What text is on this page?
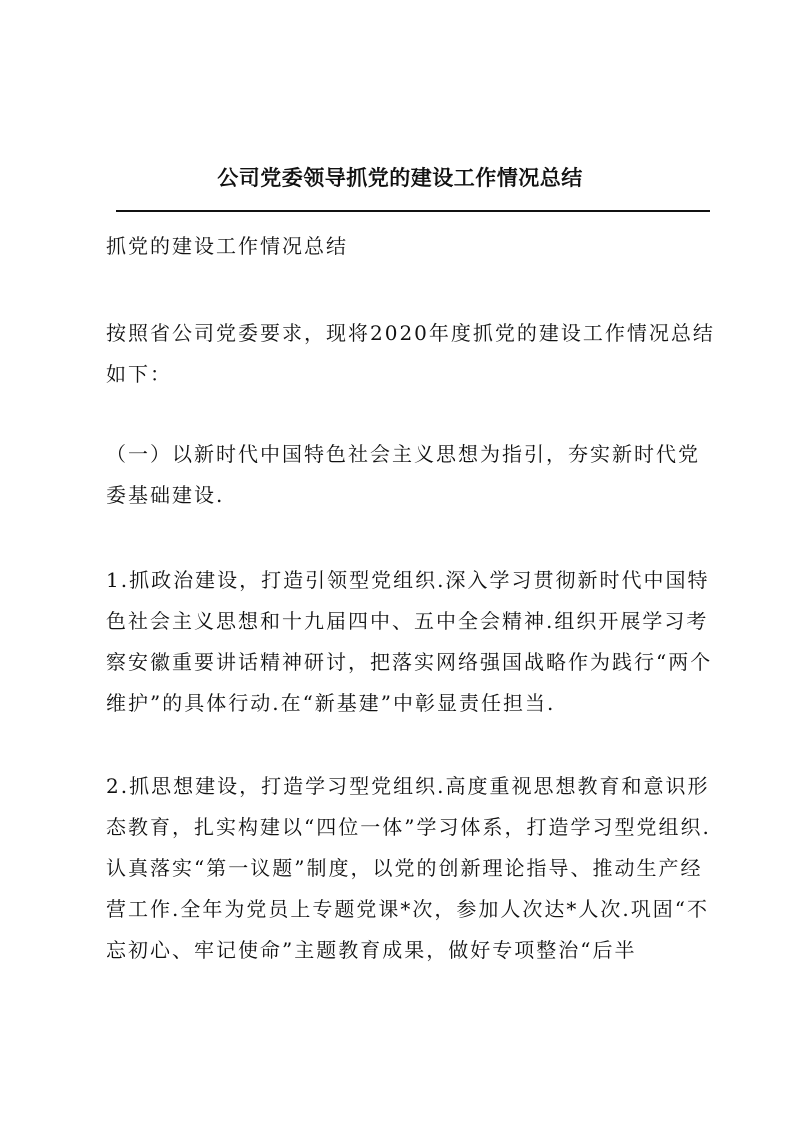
公司党委领导抓党的建设工作情况总结

抓党的建设工作情况总结

按照省公司党委要求，现将2020年度抓党的建设工作情况总结如下：

（一）以新时代中国特色社会主义思想为指引，夯实新时代党委基础建设.

1.抓政治建设，打造引领型党组织.深入学习贯彻新时代中国特色社会主义思想和十九届四中、五中全会精神.组织开展学习考察安徽重要讲话精神研讨，把落实网络强国战略作为践行“两个维护”的具体行动.在“新基建”中彰显责任担当.

2.抓思想建设，打造学习型党组织.高度重视思想教育和意识形态教育，扎实构建以“四位一体”学习体系，打造学习型党组织.认真落实“第一议题”制度，以党的创新理论指导、推动生产经营工作.全年为党员上专题党课*次，参加人次达*人次.巩固“不忘初心、牢记使命”主题教育成果，做好专项整治“后半
